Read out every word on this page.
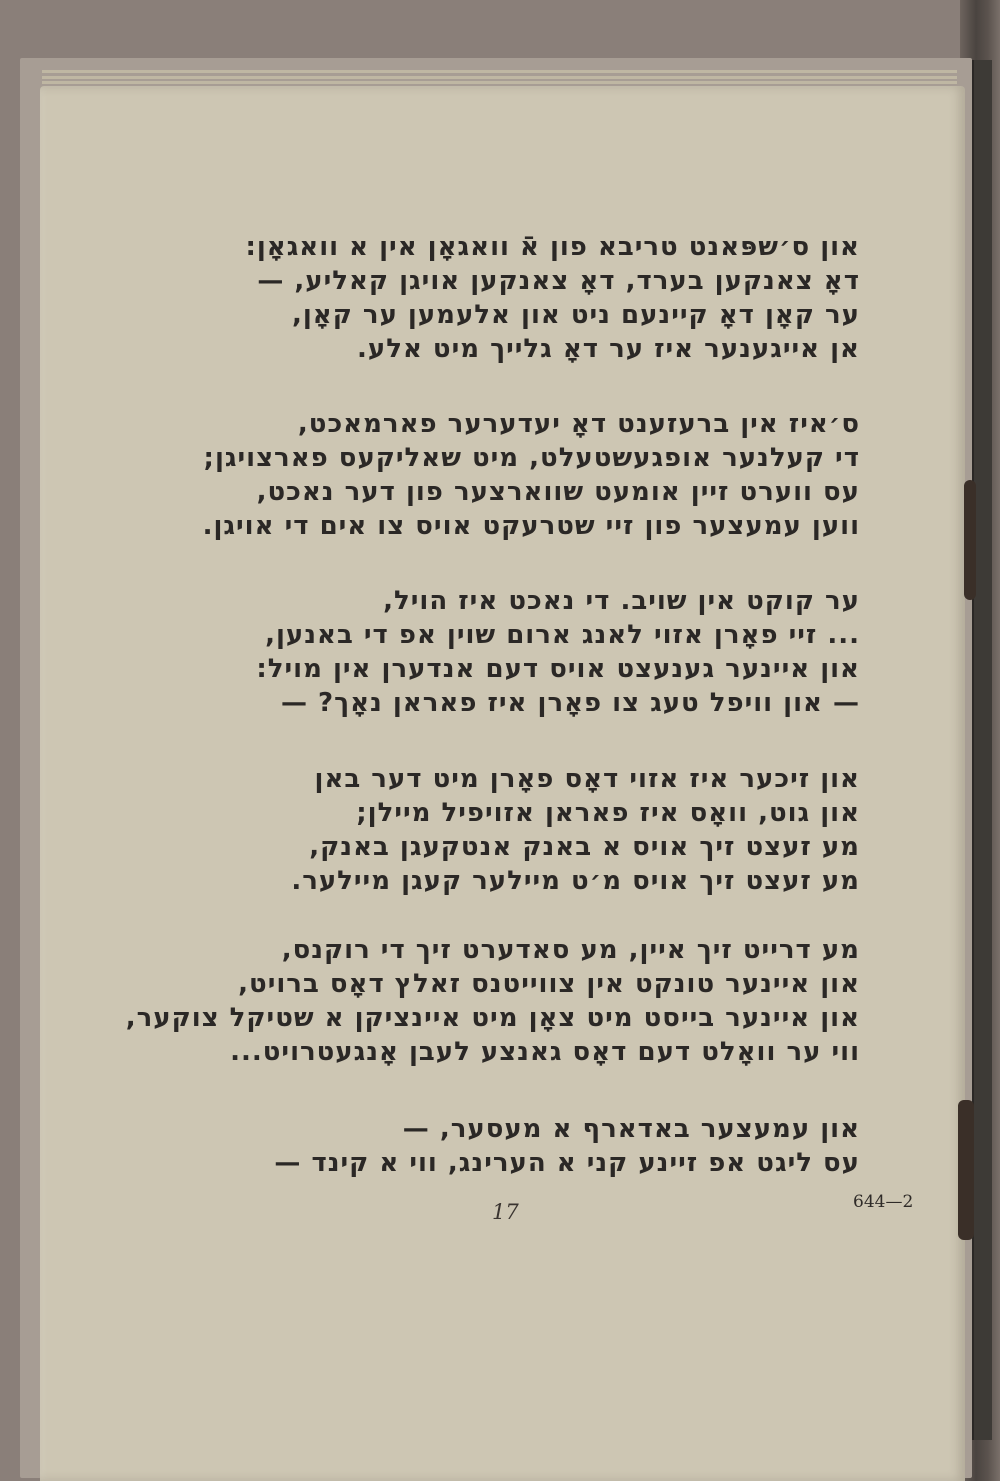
און ס׳שפּאנט טריבא פון אֿ וואגאָן אין א וואגאָן:
דאָ צאנקען בערד, דאָ צאנקען אויגן קאליע, —
ער קאָן דאָ קיינעם ניט און אלעמען ער קאָן,
אן אייגענער איז ער דאָ גלייך מיט אלע.
ס׳איז אין ברעזענט דאָ יעדערער פארמאכט,
די קעלנער אופגעשטעלט, מיט שאליקעס פארצויגן;
עס ווערט זיין אומעט שווארצער פון דער נאכט,
ווען עמעצער פון זיי שטרעקט אויס צו אים די אויגן.
ער קוקט אין שויב. די נאכט איז הויל,
... זיי פאָרן אזוי לאנג ארום שוין אפ די באנען,
און איינער גענעצט אויס דעם אנדערן אין מויל:
— און וויפל טעג צו פאָרן איז פאראן נאָך? —
און זיכער איז אזוי דאָס פאָרן מיט דער באן
און גוט, וואָס איז פאראן אזויפיל מיילן;
מע זעצט זיך אויס א באנק אנטקעגן באנק,
מע זעצט זיך אויס מ׳ט מיילער קעגן מיילער.
מע דרייט זיך איין, מע סאדערט זיך די רוקנס,
און איינער טונקט אין צווייטנס זאלץ דאָס ברויט,
און איינער בייסט מיט צאָן מיט איינציקן א שטיקל צוקער,
ווי ער וואָלט דעם דאָס גאנצע לעבן אָנגעטרויט...
און עמעצער באדארף א מעסער, —
עס ליגט אפ זיינע קני א הערינג, ווי א קינד —
17	644—2
